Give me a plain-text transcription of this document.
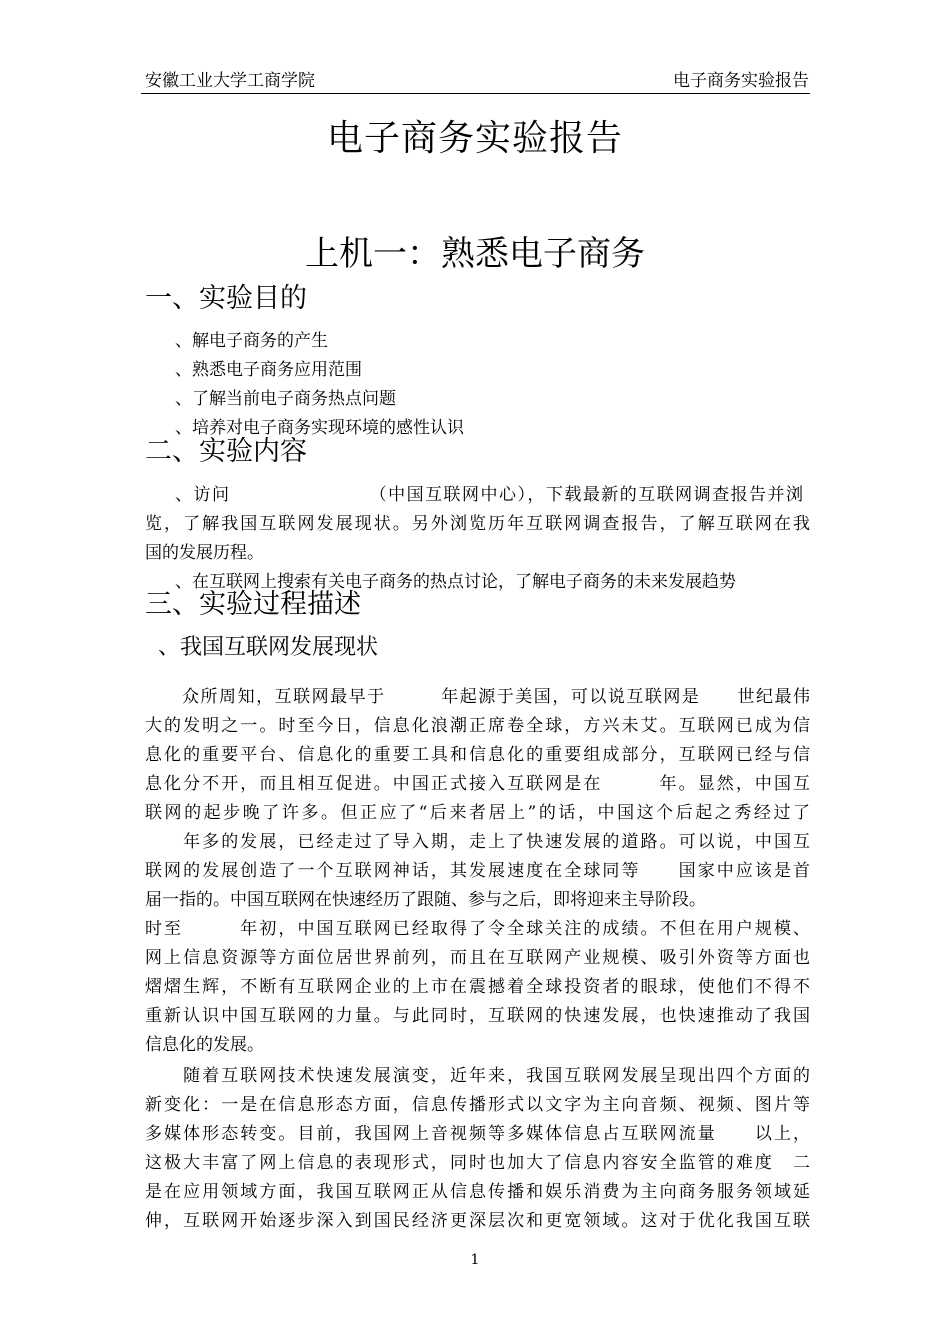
安徽工业大学工商学院	电子商务实验报告
电子商务实验报告
上机一：熟悉电子商务
一、实验目的
、解电子商务的产生
、熟悉电子商务应用范围
、了解当前电子商务热点问题
、培养对电子商务实现环境的感性认识
二、实验内容
、访问　　　　　　　　（中国互联网中心），下载最新的互联网调查报告并浏
览，了解我国互联网发展现状。另外浏览历年互联网调查报告，了解互联网在我
国的发展历程。
、在互联网上搜索有关电子商务的热点讨论，了解电子商务的未来发展趋势
三、实验过程描述
、我国互联网发展现状
　　众所周知，互联网最早于　　　年起源于美国，可以说互联网是　　世纪最伟
大的发明之一。时至今日，信息化浪潮正席卷全球，方兴未艾。互联网已成为信
息化的重要平台、信息化的重要工具和信息化的重要组成部分，互联网已经与信
息化分不开，而且相互促进。中国正式接入互联网是在　　　年。显然，中国互
联网的起步晚了许多。但正应了“后来者居上”的话，中国这个后起之秀经过了
　　年多的发展，已经走过了导入期，走上了快速发展的道路。可以说，中国互
联网的发展创造了一个互联网神话，其发展速度在全球同等　　国家中应该是首
届一指的。中国互联网在快速经历了跟随、参与之后，即将迎来主导阶段。
时至　　　年初，中国互联网已经取得了令全球关注的成绩。不但在用户规模、
网上信息资源等方面位居世界前列，而且在互联网产业规模、吸引外资等方面也
熠熠生辉，不断有互联网企业的上市在震撼着全球投资者的眼球，使他们不得不
重新认识中国互联网的力量。与此同时，互联网的快速发展，也快速推动了我国
信息化的发展。
　　随着互联网技术快速发展演变，近年来，我国互联网发展呈现出四个方面的
新变化：一是在信息形态方面，信息传播形式以文字为主向音频、视频、图片等
多媒体形态转变。目前，我国网上音视频等多媒体信息占互联网流量　　以上，
这极大丰富了网上信息的表现形式，同时也加大了信息内容安全监管的难度　二
是在应用领域方面，我国互联网正从信息传播和娱乐消费为主向商务服务领域延
伸，互联网开始逐步深入到国民经济更深层次和更宽领域。这对于优化我国互联
1
